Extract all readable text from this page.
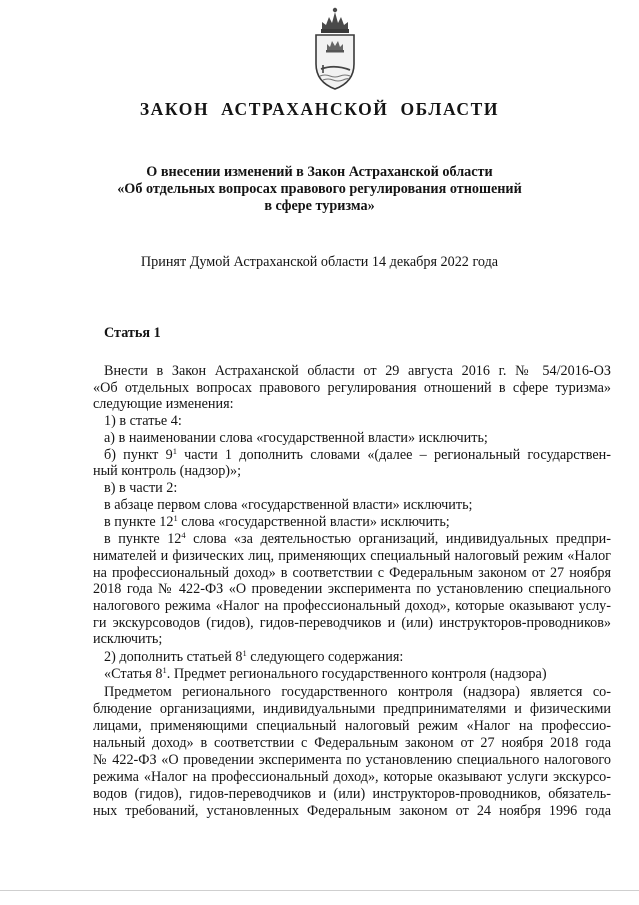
ЗАКОН  АСТРАХАНСКОЙ  ОБЛАСТИ
О внесении изменений в Закон Астраханской области
«Об отдельных вопросах правового регулирования отношений
в сфере туризма»
Принят Думой Астраханской области 14 декабря 2022 года
Статья 1
Внести в Закон Астраханской области от 29 августа 2016 г. № 54/2016-ОЗ
«Об отдельных вопросах правового регулирования отношений в сфере туризма»
следующие изменения:
1) в статье 4:
а) в наименовании слова «государственной власти» исключить;
б) пункт $9^1$ части 1 дополнить словами «(далее – региональный государствен-
ный контроль (надзор)»;
в) в части 2:
в абзаце первом слова «государственной власти» исключить;
в пункте $12^1$ слова «государственной власти» исключить;
в пункте $12^4$ слова «за деятельностью организаций, индивидуальных предпри-
нимателей и физических лиц, применяющих специальный налоговый режим «Налог
на профессиональный доход» в соответствии с Федеральным законом от 27 ноября
2018 года № 422-ФЗ «О проведении эксперимента по установлению специального
налогового режима «Налог на профессиональный доход», которые оказывают услу-
ги экскурсоводов (гидов), гидов-переводчиков и (или) инструкторов-проводников»
исключить;
2) дополнить статьей $8^1$ следующего содержания:
«Статья $8^1$. Предмет регионального государственного контроля (надзора)
Предметом регионального государственного контроля (надзора) является со-
блюдение организациями, индивидуальными предпринимателями и физическими
лицами, применяющими специальный налоговый режим «Налог на профессио-
нальный доход» в соответствии с Федеральным законом от 27 ноября 2018 года
№ 422-ФЗ «О проведении эксперимента по установлению специального налогового
режима «Налог на профессиональный доход», которые оказывают услуги экскурсо-
водов (гидов), гидов-переводчиков и (или) инструкторов-проводников, обязатель-
ных требований, установленных Федеральным законом от 24 ноября 1996 года
